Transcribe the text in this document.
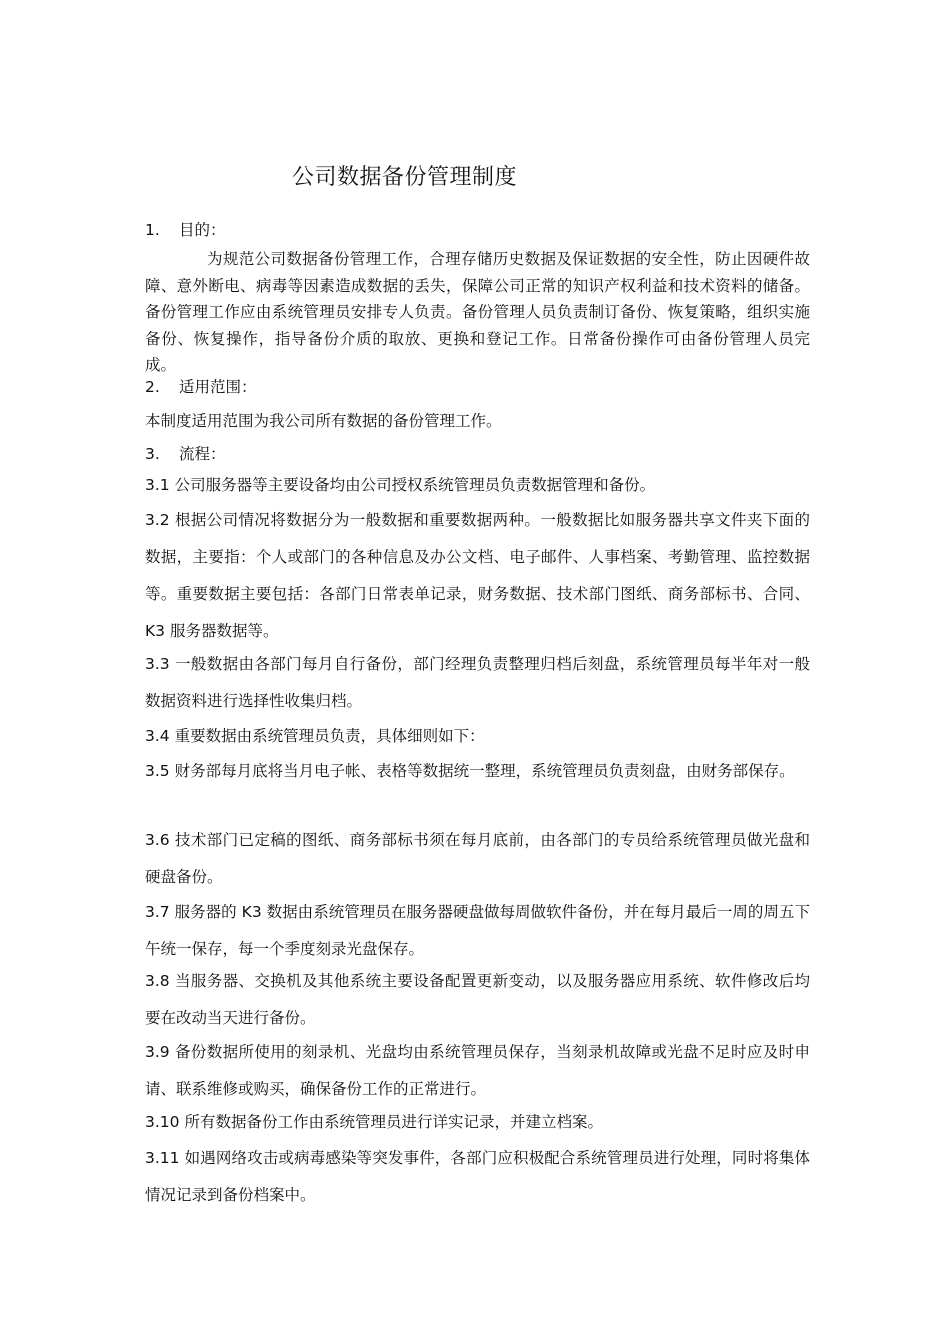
公司数据备份管理制度
1. 目的：
为规范公司数据备份管理工作，合理存储历史数据及保证数据的安全性，防止因硬件故障、意外断电、病毒等因素造成数据的丢失，保障公司正常的知识产权利益和技术资料的储备。备份管理工作应由系统管理员安排专人负责。备份管理人员负责制订备份、恢复策略，组织实施备份、恢复操作，指导备份介质的取放、更换和登记工作。日常备份操作可由备份管理人员完成。
2. 适用范围：
本制度适用范围为我公司所有数据的备份管理工作。
3. 流程：
3.1 公司服务器等主要设备均由公司授权系统管理员负责数据管理和备份。
3.2 根据公司情况将数据分为一般数据和重要数据两种。一般数据比如服务器共享文件夹下面的数据，主要指：个人或部门的各种信息及办公文档、电子邮件、人事档案、考勤管理、监控数据等。重要数据主要包括：各部门日常表单记录，财务数据、技术部门图纸、商务部标书、合同、K3 服务器数据等。
3.3 一般数据由各部门每月自行备份，部门经理负责整理归档后刻盘，系统管理员每半年对一般数据资料进行选择性收集归档。
3.4 重要数据由系统管理员负责，具体细则如下：
3.5 财务部每月底将当月电子帐、表格等数据统一整理，系统管理员负责刻盘，由财务部保存。
3.6 技术部门已定稿的图纸、商务部标书须在每月底前，由各部门的专员给系统管理员做光盘和硬盘备份。
3.7 服务器的 K3 数据由系统管理员在服务器硬盘做每周做软件备份，并在每月最后一周的周五下午统一保存，每一个季度刻录光盘保存。
3.8 当服务器、交换机及其他系统主要设备配置更新变动，以及服务器应用系统、软件修改后均要在改动当天进行备份。
3.9 备份数据所使用的刻录机、光盘均由系统管理员保存，当刻录机故障或光盘不足时应及时申请、联系维修或购买，确保备份工作的正常进行。
3.10 所有数据备份工作由系统管理员进行详实记录，并建立档案。
3.11 如遇网络攻击或病毒感染等突发事件，各部门应积极配合系统管理员进行处理，同时将集体情况记录到备份档案中。
